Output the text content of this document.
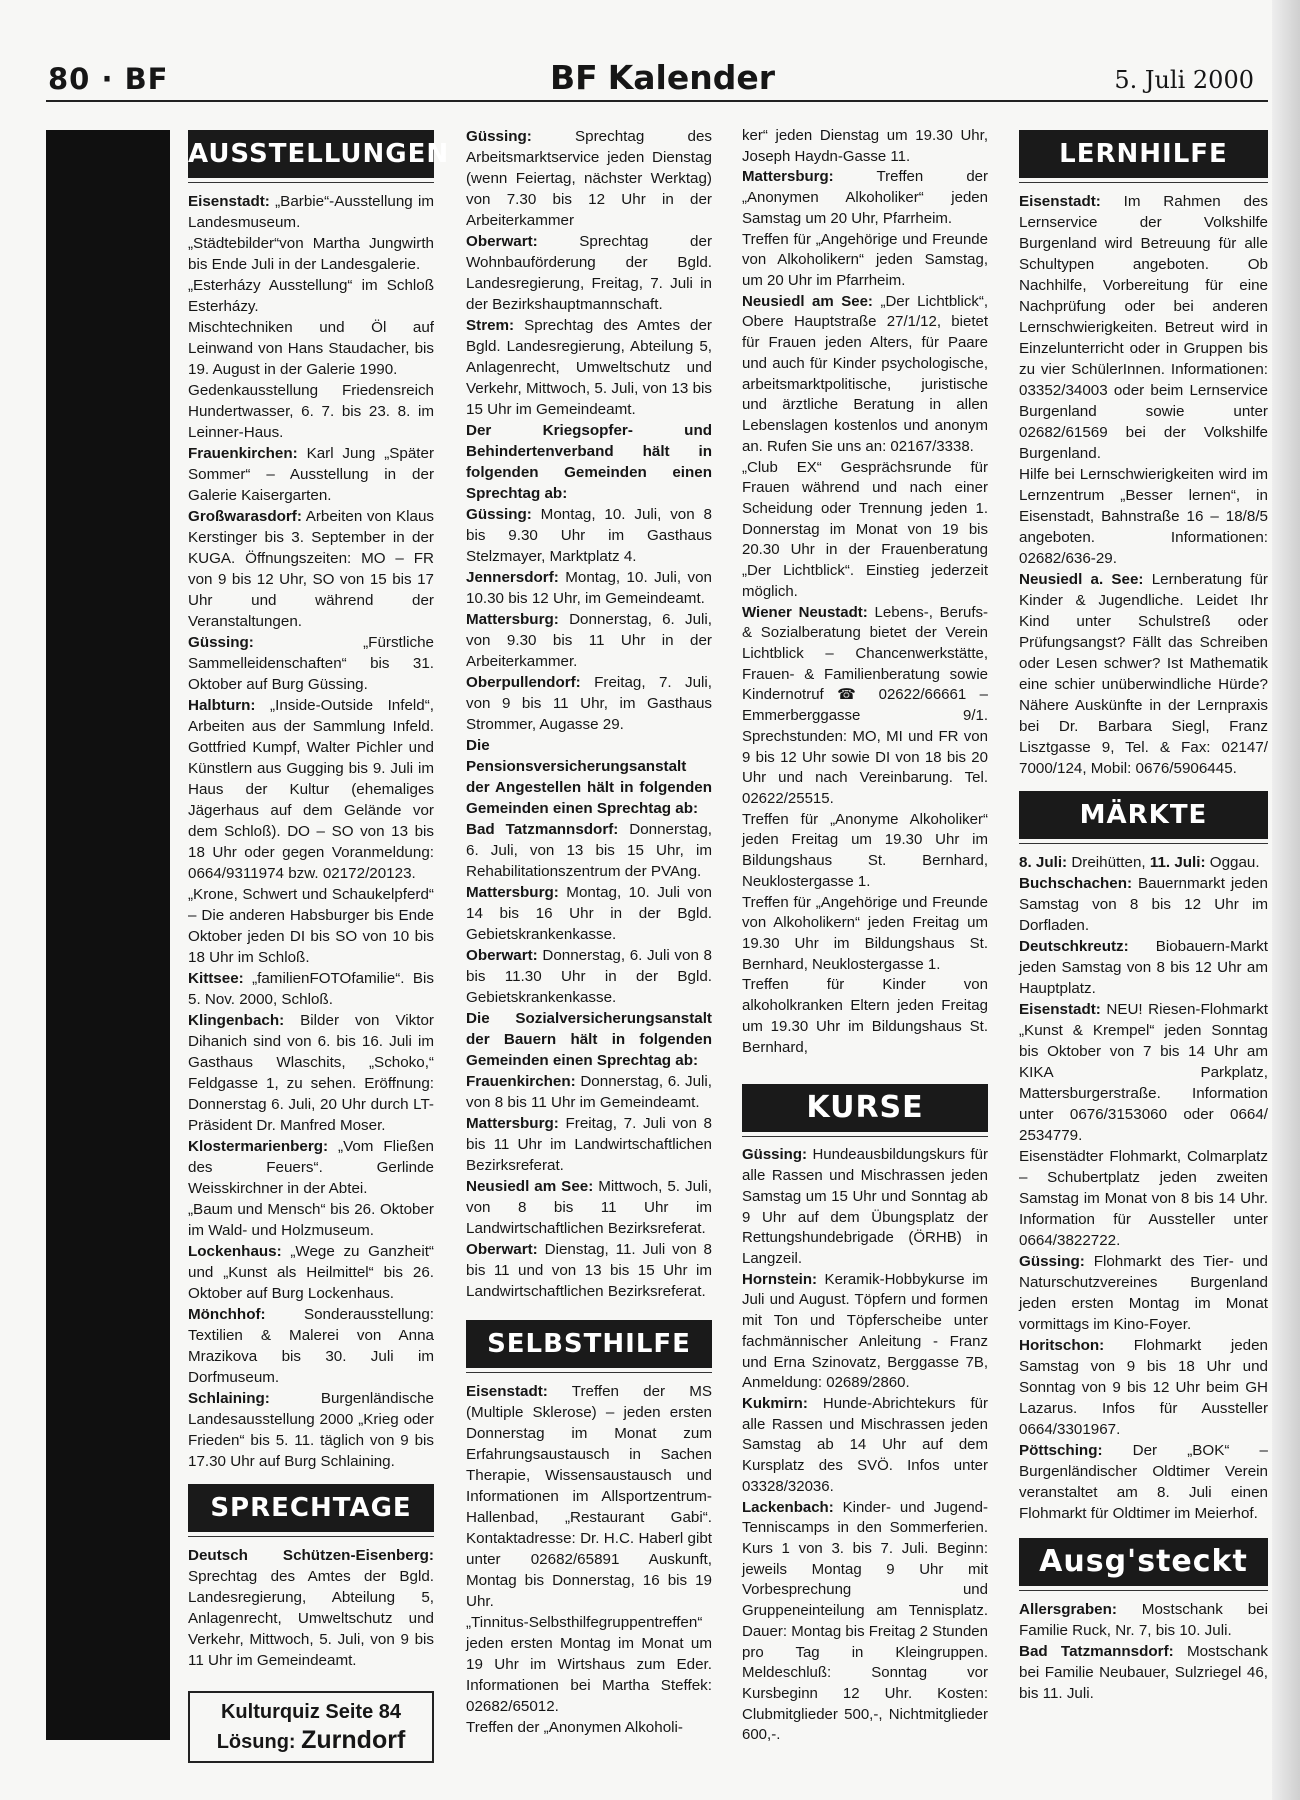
80 · BF	BF Kalender	5. Juli 2000
AUSSTELLUNGEN

Eisenstadt: „Barbie“-Ausstellung im Landesmuseum.

„Städtebilder“von Martha Jungwirth bis Ende Juli in der Landesgalerie.

„Esterházy Ausstellung“ im Schloß Esterházy.

Mischtechniken und Öl auf Leinwand von Hans Staudacher, bis 19. August in der Galerie 1990.

Gedenkausstellung Friedensreich Hundertwasser, 6. 7. bis 23. 8. im Leinner-Haus.

Frauenkirchen: Karl Jung „Später Sommer“ – Ausstellung in der Galerie Kaisergarten.

Großwarasdorf: Arbeiten von Klaus Kerstinger bis 3. September in der KUGA. Öffnungszeiten: MO – FR von 9 bis 12 Uhr, SO von 15 bis 17 Uhr und während der Veranstaltungen.

Güssing: „Fürstliche Sammelleidenschaften“ bis 31. Oktober auf Burg Güssing.

Halbturn: „Inside-Outside Infeld“, Arbeiten aus der Sammlung Infeld. Gottfried Kumpf, Walter Pichler und Künstlern aus Gugging bis 9. Juli im Haus der Kultur (ehemaliges Jägerhaus auf dem Gelände vor dem Schloß). DO – SO von 13 bis 18 Uhr oder gegen Voranmeldung: 0664/9311974 bzw. 02172/20123.

„Krone, Schwert und Schaukelpferd“ – Die anderen Habsburger bis Ende Oktober jeden DI bis SO von 10 bis 18 Uhr im Schloß.

Kittsee: „familienFOTOfamilie“. Bis 5. Nov. 2000, Schloß.

Klingenbach: Bilder von Viktor Dihanich sind von 6. bis 16. Juli im Gasthaus Wlaschits, „Schoko,“ Feldgasse 1, zu sehen. Eröffnung: Donnerstag 6. Juli, 20 Uhr durch LT-Präsident Dr. Manfred Moser.

Klostermarienberg: „Vom Fließen des Feuers“. Gerlinde Weisskirchner in der Abtei.

„Baum und Mensch“ bis 26. Oktober im Wald- und Holzmuseum.

Lockenhaus: „Wege zu Ganzheit“ und „Kunst als Heilmittel“ bis 26. Oktober auf Burg Lockenhaus.

Mönchhof: Sonderausstellung: Textilien & Malerei von Anna Mrazikova bis 30. Juli im Dorfmuseum.

Schlaining: Burgenländische Landesausstellung 2000 „Krieg oder Frieden“ bis 5. 11. täglich von 9 bis 17.30 Uhr auf Burg Schlaining.

SPRECHTAGE

Deutsch Schützen-Eisenberg: Sprechtag des Amtes der Bgld. Landesregierung, Abteilung 5, Anlagenrecht, Umweltschutz und Verkehr, Mittwoch, 5. Juli, von 9 bis 11 Uhr im Gemeindeamt.

Kulturquiz Seite 84
Lösung: Zurndorf

Güssing: Sprechtag des Arbeitsmarktservice jeden Dienstag (wenn Feiertag, nächster Werktag) von 7.30 bis 12 Uhr in der Arbeiterkammer

Oberwart: Sprechtag der Wohnbauförderung der Bgld. Landesregierung, Freitag, 7. Juli in der Bezirkshauptmannschaft.

Strem: Sprechtag des Amtes der Bgld. Landesregierung, Abteilung 5, Anlagenrecht, Umweltschutz und Verkehr, Mittwoch, 5. Juli, von 13 bis 15 Uhr im Gemeindeamt.

Der Kriegsopfer- und Behindertenverband hält in folgenden Gemeinden einen Sprechtag ab:

Güssing: Montag, 10. Juli, von 8 bis 9.30 Uhr im Gasthaus Stelzmayer, Marktplatz 4.

Jennersdorf: Montag, 10. Juli, von 10.30 bis 12 Uhr, im Gemeindeamt.

Mattersburg: Donnerstag, 6. Juli, von 9.30 bis 11 Uhr in der Arbeiterkammer.

Oberpullendorf: Freitag, 7. Juli, von 9 bis 11 Uhr, im Gasthaus Strommer, Augasse 29.

Die Pensionsversicherungsanstalt der Angestellen hält in folgenden Gemeinden einen Sprechtag ab:

Bad Tatzmannsdorf: Donnerstag, 6. Juli, von 13 bis 15 Uhr, im Rehabilitationszentrum der PVAng.

Mattersburg: Montag, 10. Juli von 14 bis 16 Uhr in der Bgld. Gebietskrankenkasse.

Oberwart: Donnerstag, 6. Juli von 8 bis 11.30 Uhr in der Bgld. Gebietskrankenkasse.

Die Sozialversicherungsanstalt der Bauern hält in folgenden Gemeinden einen Sprechtag ab:

Frauenkirchen: Donnerstag, 6. Juli, von 8 bis 11 Uhr im Gemeindeamt.

Mattersburg: Freitag, 7. Juli von 8 bis 11 Uhr im Landwirtschaftlichen Bezirksreferat.

Neusiedl am See: Mittwoch, 5. Juli, von 8 bis 11 Uhr im Landwirtschaftlichen Bezirksreferat.

Oberwart: Dienstag, 11. Juli von 8 bis 11 und von 13 bis 15 Uhr im Landwirtschaftlichen Bezirksreferat.

SELBSTHILFE

Eisenstadt: Treffen der MS (Multiple Sklerose) – jeden ersten Donnerstag im Monat zum Erfahrungsaustausch in Sachen Therapie, Wissensaustausch und Informationen im Allsportzentrum- Hallenbad, „Restaurant Gabi“. Kontaktadresse: Dr. H.C. Haberl gibt unter 02682/65891 Auskunft, Montag bis Donnerstag, 16 bis 19 Uhr.

„Tinnitus-Selbsthilfegruppentreffen“ jeden ersten Montag im Monat um 19 Uhr im Wirtshaus zum Eder. Informationen bei Martha Steffek: 02682/65012.

Treffen der „Anonymen Alkoholi-

ker“ jeden Dienstag um 19.30 Uhr, Joseph Haydn-Gasse 11.

Mattersburg: Treffen der „Anonymen Alkoholiker“ jeden Samstag um 20 Uhr, Pfarrheim.

Treffen für „Angehörige und Freunde von Alkoholikern“ jeden Samstag, um 20 Uhr im Pfarrheim.

Neusiedl am See: „Der Lichtblick“, Obere Hauptstraße 27/1/12, bietet für Frauen jeden Alters, für Paare und auch für Kinder psychologische, arbeitsmarktpolitische, juristische und ärztliche Beratung in allen Lebenslagen kostenlos und anonym an. Rufen Sie uns an: 02167/3338.

„Club EX“ Gesprächsrunde für Frauen während und nach einer Scheidung oder Trennung jeden 1. Donnerstag im Monat von 19 bis 20.30 Uhr in der Frauenberatung „Der Lichtblick“. Einstieg jederzeit möglich.

Wiener Neustadt: Lebens-, Berufs- & Sozialberatung bietet der Verein Lichtblick – Chancenwerkstätte, Frauen- & Familienberatung sowie Kindernotruf ☎ 02622/66661 – Emmerberggasse 9/1. Sprechstunden: MO, MI und FR von 9 bis 12 Uhr sowie DI von 18 bis 20 Uhr und nach Vereinbarung. Tel. 02622/25515.

Treffen für „Anonyme Alkoholiker“ jeden Freitag um 19.30 Uhr im Bildungshaus St. Bernhard, Neuklostergasse 1.

Treffen für „Angehörige und Freunde von Alkoholikern“ jeden Freitag um 19.30 Uhr im Bildungshaus St. Bernhard, Neuklostergasse 1.

Treffen für Kinder von alkoholkranken Eltern jeden Freitag um 19.30 Uhr im Bildungshaus St. Bernhard,

KURSE

Güssing: Hundeausbildungskurs für alle Rassen und Mischrassen jeden Samstag um 15 Uhr und Sonntag ab 9 Uhr auf dem Übungsplatz der Rettungshundebrigade (ÖRHB) in Langzeil.

Hornstein: Keramik-Hobbykurse im Juli und August. Töpfern und formen mit Ton und Töpferscheibe unter fachmännischer Anleitung - Franz und Erna Szinovatz, Berggasse 7B, Anmeldung: 02689/2860.

Kukmirn: Hunde-Abrichtekurs für alle Rassen und Mischrassen jeden Samstag ab 14 Uhr auf dem Kursplatz des SVÖ. Infos unter 03328/32036.

Lackenbach: Kinder- und Jugend-Tenniscamps in den Sommerferien. Kurs 1 von 3. bis 7. Juli. Beginn: jeweils Montag 9 Uhr mit Vorbesprechung und Gruppeneinteilung am Tennisplatz. Dauer: Montag bis Freitag 2 Stunden pro Tag in Kleingruppen. Meldeschluß: Sonntag vor Kursbeginn 12 Uhr. Kosten: Clubmitglieder 500,-, Nichtmitglieder 600,-.

LERNHILFE

Eisenstadt: Im Rahmen des Lernservice der Volkshilfe Burgenland wird Betreuung für alle Schultypen angeboten. Ob Nachhilfe, Vorbereitung für eine Nachprüfung oder bei anderen Lernschwierigkeiten. Betreut wird in Einzelunterricht oder in Gruppen bis zu vier SchülerInnen. Informationen: 03352/34003 oder beim Lernservice Burgenland sowie unter 02682/61569 bei der Volkshilfe Burgenland.

Hilfe bei Lernschwierigkeiten wird im Lernzentrum „Besser lernen“, in Eisenstadt, Bahnstraße 16 – 18/8/5 angeboten. Informationen: 02682/636-29.

Neusiedl a. See: Lernberatung für Kinder & Jugendliche. Leidet Ihr Kind unter Schulstreß oder Prüfungsangst? Fällt das Schreiben oder Lesen schwer? Ist Mathematik eine schier unüberwindliche Hürde? Nähere Auskünfte in der Lernpraxis bei Dr. Barbara Siegl, Franz Lisztgasse 9, Tel. & Fax: 02147/ 7000/124, Mobil: 0676/5906445.

MÄRKTE

8. Juli: Dreihütten, 11. Juli: Oggau.

Buchschachen: Bauernmarkt jeden Samstag von 8 bis 12 Uhr im Dorfladen.

Deutschkreutz: Biobauern-Markt jeden Samstag von 8 bis 12 Uhr am Hauptplatz.

Eisenstadt: NEU! Riesen-Flohmarkt „Kunst & Krempel“ jeden Sonntag bis Oktober von 7 bis 14 Uhr am KIKA Parkplatz, Mattersburgerstraße. Information unter 0676/3153060 oder 0664/ 2534779.

Eisenstädter Flohmarkt, Colmarplatz – Schubertplatz jeden zweiten Samstag im Monat von 8 bis 14 Uhr. Information für Aussteller unter 0664/3822722.

Güssing: Flohmarkt des Tier- und Naturschutzvereines Burgenland jeden ersten Montag im Monat vormittags im Kino-Foyer.

Horitschon: Flohmarkt jeden Samstag von 9 bis 18 Uhr und Sonntag von 9 bis 12 Uhr beim GH Lazarus. Infos für Aussteller 0664/3301967.

Pöttsching: Der „BOK“ – Burgenländischer Oldtimer Verein veranstaltet am 8. Juli einen Flohmarkt für Oldtimer im Meierhof.

Ausg'steckt

Allersgraben: Mostschank bei Familie Ruck, Nr. 7, bis 10. Juli.

Bad Tatzmannsdorf: Mostschank bei Familie Neubauer, Sulzriegel 46, bis 11. Juli.
